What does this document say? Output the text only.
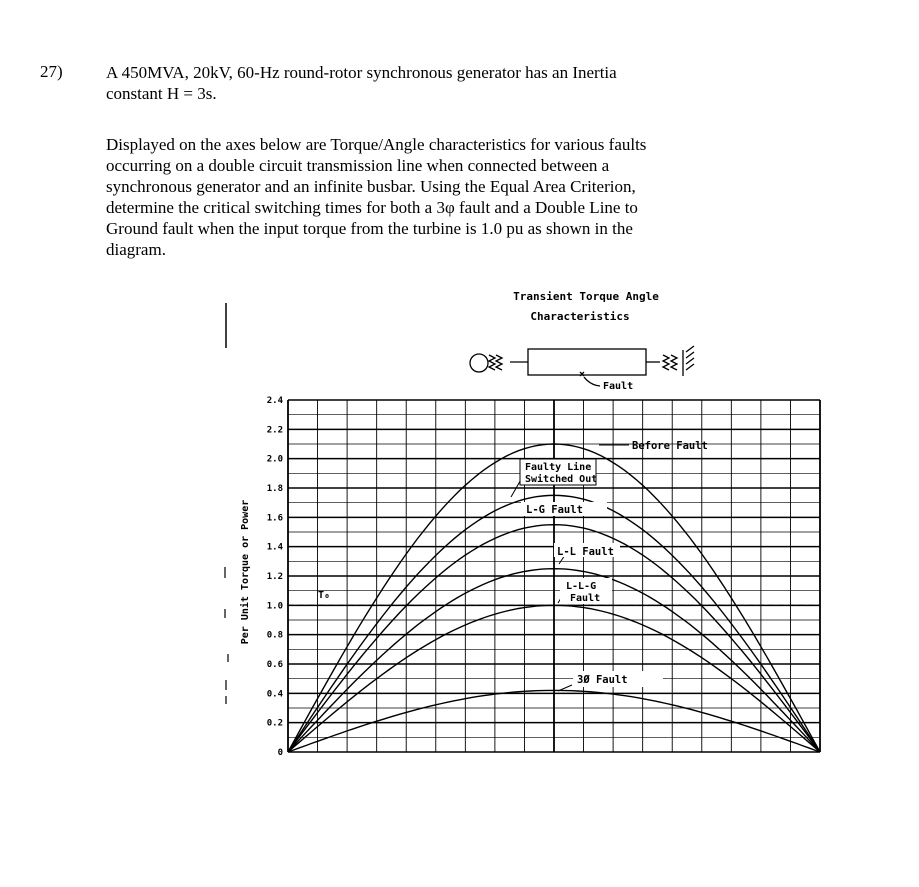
27)	A 450MVA, 20kV, 60-Hz round-rotor synchronous generator has an Inertia
constant H = 3s.

Displayed on the axes below are Torque/Angle characteristics for various faults
occurring on a double circuit transmission line when connected between a
synchronous generator and an infinite busbar. Using the Equal Area Criterion,
determine the critical switching times for both a 3φ fault and a Double Line to
Ground fault when the input torque from the turbine is 1.0 pu as shown in the
diagram.

Transient Torque Angle
Characteristics
Fault
0
0.2
0.4
0.6
0.8
1.0
1.2
1.4
1.6
1.8
2.0
2.2
2.4
Per Unit Torque or Power	T₀
Before Fault
Faulty Line
Switched Out
L-G Fault
L-L Fault
L-L-G
Fault
3Ø Fault
